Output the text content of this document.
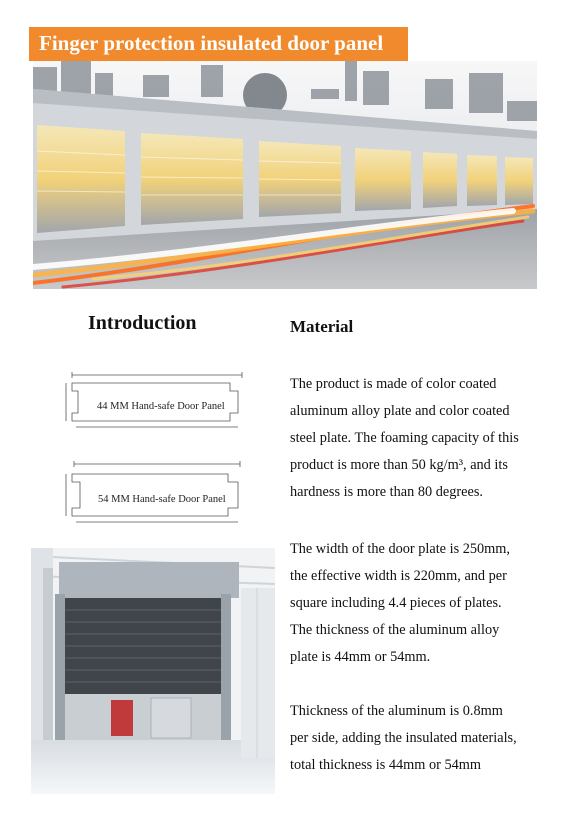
Finger protection insulated door panel
Introduction	Material
44 MM Hand-safe Door Panel
54 MM Hand-safe Door Panel
The product is made of color coated
aluminum alloy plate and color coated
steel plate. The foaming capacity of this
product is more than 50 kg/m³, and its
hardness is more than 80 degrees.
The width of the door plate is 250mm,
the effective width is 220mm, and per
square including 4.4 pieces of plates.
The thickness of the aluminum alloy
plate is 44mm or 54mm.
Thickness of the aluminum is 0.8mm
per side, adding the insulated materials,
total thickness is 44mm or 54mm
